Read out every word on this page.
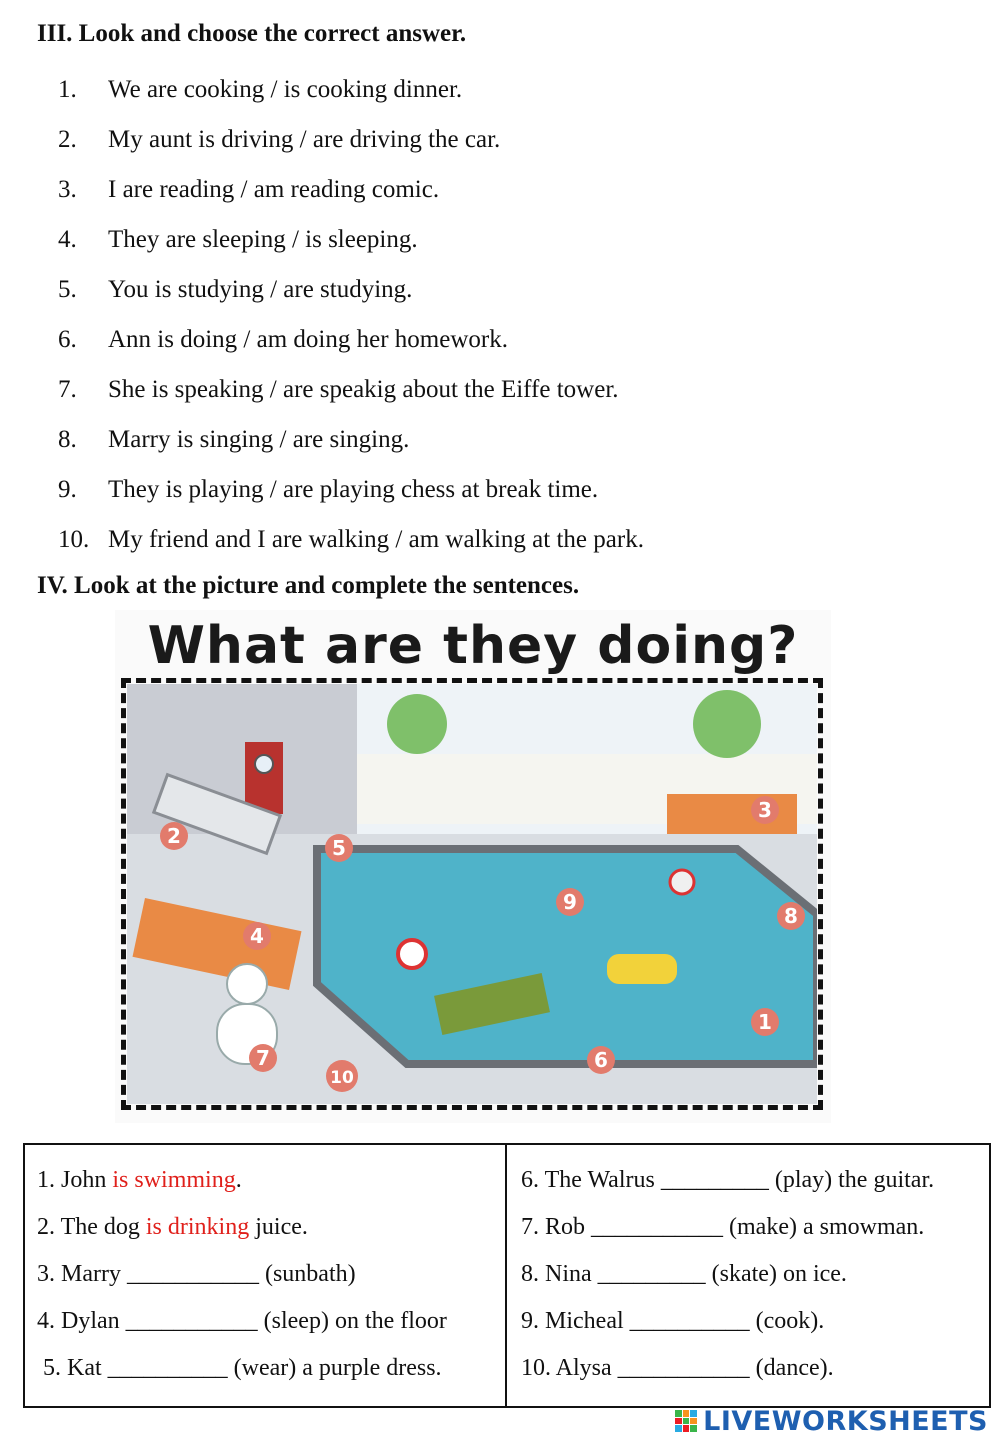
III. Look and choose the correct answer.
1.	We are cooking / is cooking dinner.
2.	My aunt is driving / are driving the car.
3.	I are reading / am reading comic.
4.	They are sleeping / is sleeping.
5.	You is studying / are studying.
6.	Ann is doing / am doing her homework.
7.	She is speaking / are speakig about the Eiffe tower.
8.	Marry is singing / are singing.
9.	They is playing / are playing chess at break time.
10. My friend and I are walking / am walking at the park.
IV. Look at the picture and complete the sentences.
What are they doing?
1
2
3
4
5
6
7
8
9
10
1. John is swimming .
2. The dog is drinking juice.
3. Marry ___________ (sunbath)
4. Dylan ___________ (sleep) on the floor
5. Kat __________ (wear) a purple dress.
6. The Walrus _________ (play) the guitar.
7. Rob ___________ (make) a smowman.
8. Nina _________ (skate) on ice.
9. Micheal __________ (cook).
10. Alysa ___________ (dance).
LIVEWORKSHEETS
